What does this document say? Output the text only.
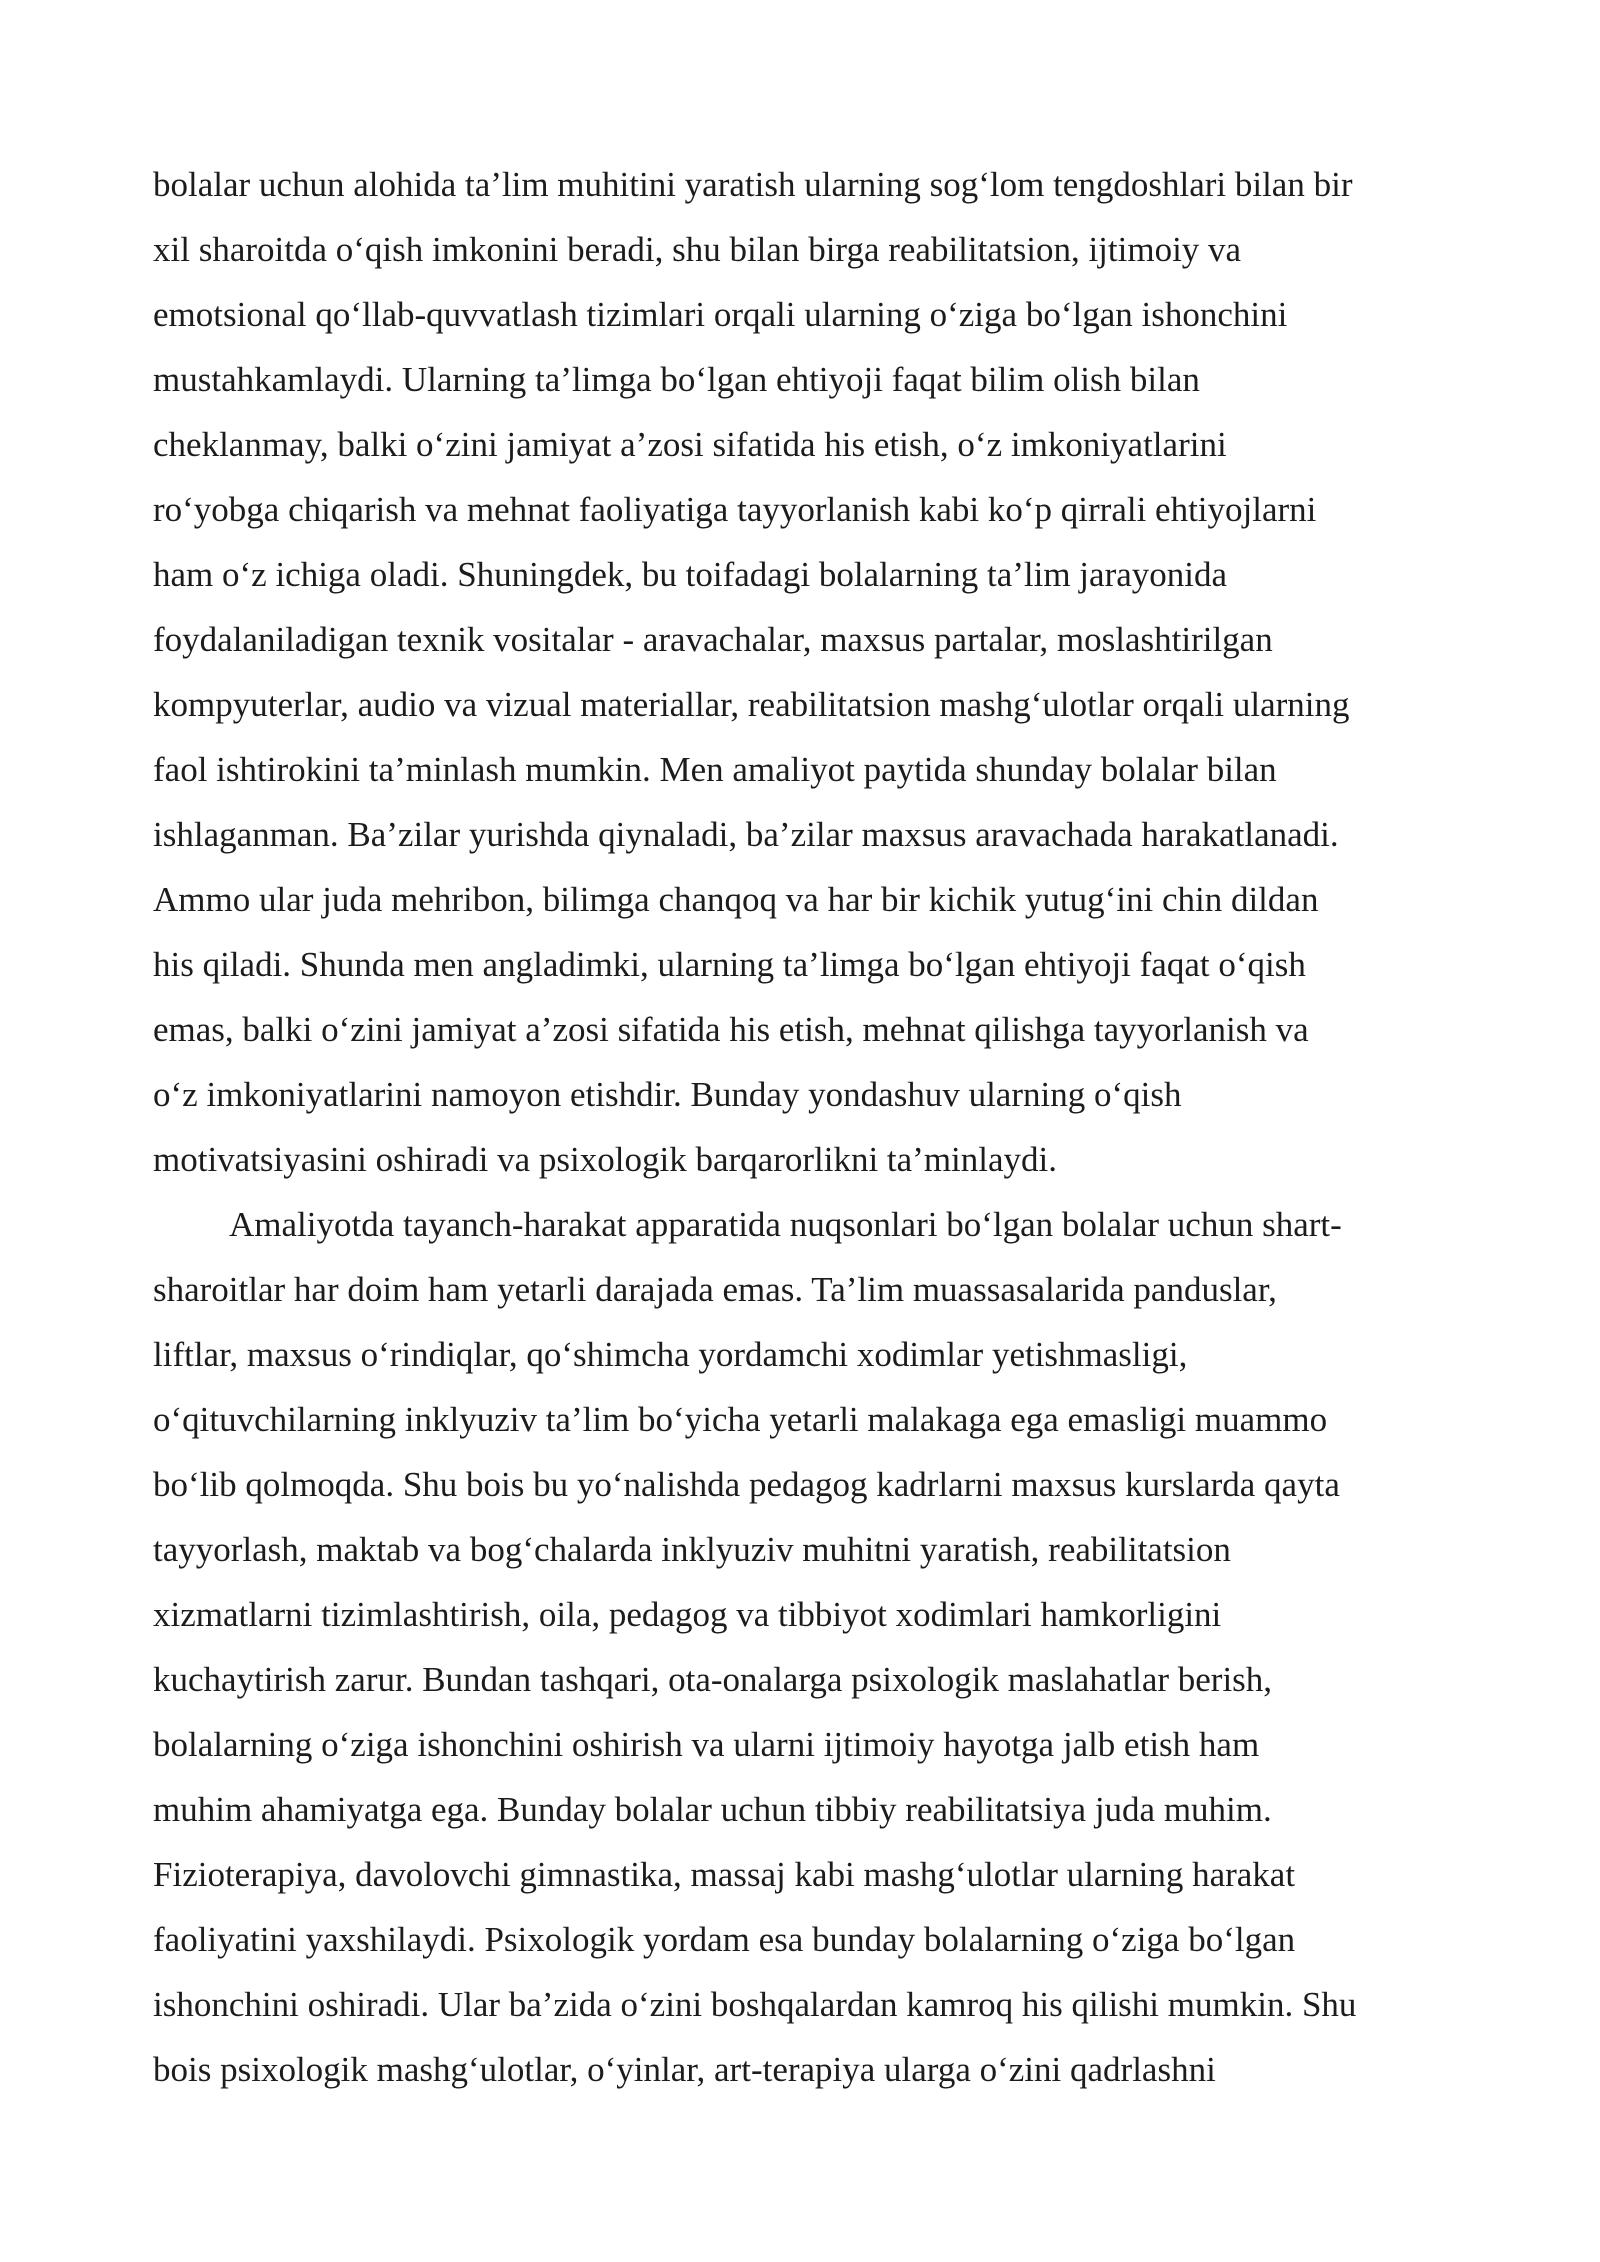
bolalar uchun alohida ta’lim muhitini yaratish ularning sog‘lom tengdoshlari bilan bir
xil sharoitda o‘qish imkonini beradi, shu bilan birga reabilitatsion, ijtimoiy va
emotsional qo‘llab-quvvatlash tizimlari orqali ularning o‘ziga bo‘lgan ishonchini
mustahkamlaydi. Ularning ta’limga bo‘lgan ehtiyoji faqat bilim olish bilan
cheklanmay, balki o‘zini jamiyat a’zosi sifatida his etish, o‘z imkoniyatlarini
ro‘yobga chiqarish va mehnat faoliyatiga tayyorlanish kabi ko‘p qirrali ehtiyojlarni
ham o‘z ichiga oladi. Shuningdek, bu toifadagi bolalarning ta’lim jarayonida
foydalaniladigan texnik vositalar - aravachalar, maxsus partalar, moslashtirilgan
kompyuterlar, audio va vizual materiallar, reabilitatsion mashg‘ulotlar orqali ularning
faol ishtirokini ta’minlash mumkin. Men amaliyot paytida shunday bolalar bilan
ishlaganman. Ba’zilar yurishda qiynaladi, ba’zilar maxsus aravachada harakatlanadi.
Ammo ular juda mehribon, bilimga chanqoq va har bir kichik yutug‘ini chin dildan
his qiladi. Shunda men angladimki, ularning ta’limga bo‘lgan ehtiyoji faqat o‘qish
emas, balki o‘zini jamiyat a’zosi sifatida his etish, mehnat qilishga tayyorlanish va
o‘z imkoniyatlarini namoyon etishdir. Bunday yondashuv ularning o‘qish
motivatsiyasini oshiradi va psixologik barqarorlikni ta’minlaydi.
Amaliyotda tayanch-harakat apparatida nuqsonlari bo‘lgan bolalar uchun shart-
sharoitlar har doim ham yetarli darajada emas. Ta’lim muassasalarida panduslar,
liftlar, maxsus o‘rindiqlar, qo‘shimcha yordamchi xodimlar yetishmasligi,
o‘qituvchilarning inklyuziv ta’lim bo‘yicha yetarli malakaga ega emasligi muammo
bo‘lib qolmoqda. Shu bois bu yo‘nalishda pedagog kadrlarni maxsus kurslarda qayta
tayyorlash, maktab va bog‘chalarda inklyuziv muhitni yaratish, reabilitatsion
xizmatlarni tizimlashtirish, oila, pedagog va tibbiyot xodimlari hamkorligini
kuchaytirish zarur. Bundan tashqari, ota-onalarga psixologik maslahatlar berish,
bolalarning o‘ziga ishonchini oshirish va ularni ijtimoiy hayotga jalb etish ham
muhim ahamiyatga ega. Bunday bolalar uchun tibbiy reabilitatsiya juda muhim.
Fizioterapiya, davolovchi gimnastika, massaj kabi mashg‘ulotlar ularning harakat
faoliyatini yaxshilaydi. Psixologik yordam esa bunday bolalarning o‘ziga bo‘lgan
ishonchini oshiradi. Ular ba’zida o‘zini boshqalardan kamroq his qilishi mumkin. Shu
bois psixologik mashg‘ulotlar, o‘yinlar, art-terapiya ularga o‘zini qadrlashni
